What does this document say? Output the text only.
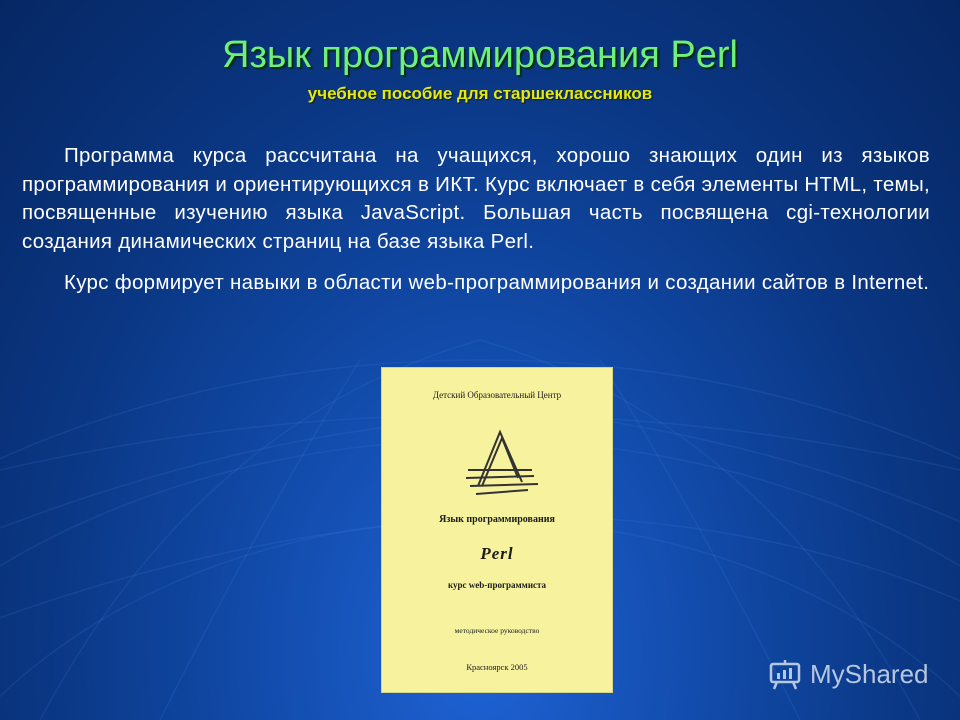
Язык программирования Perl
учебное пособие для старшеклассников

Программа курса рассчитана на учащихся, хорошо знающих один из языков программирования и ориентирующихся в ИКТ. Курс включает в себя элементы HTML, темы, посвященные изучению языка JavaScript. Большая часть посвящена cgi-технологии создания динамических страниц на базе языка Perl.

Курс формирует навыки в области web-программирования и создании сайтов в Internet.

Детский Образовательный Центр
Язык программирования
Perl
курс web-программиста
методическое руководство
Красноярск 2005	MyShared
